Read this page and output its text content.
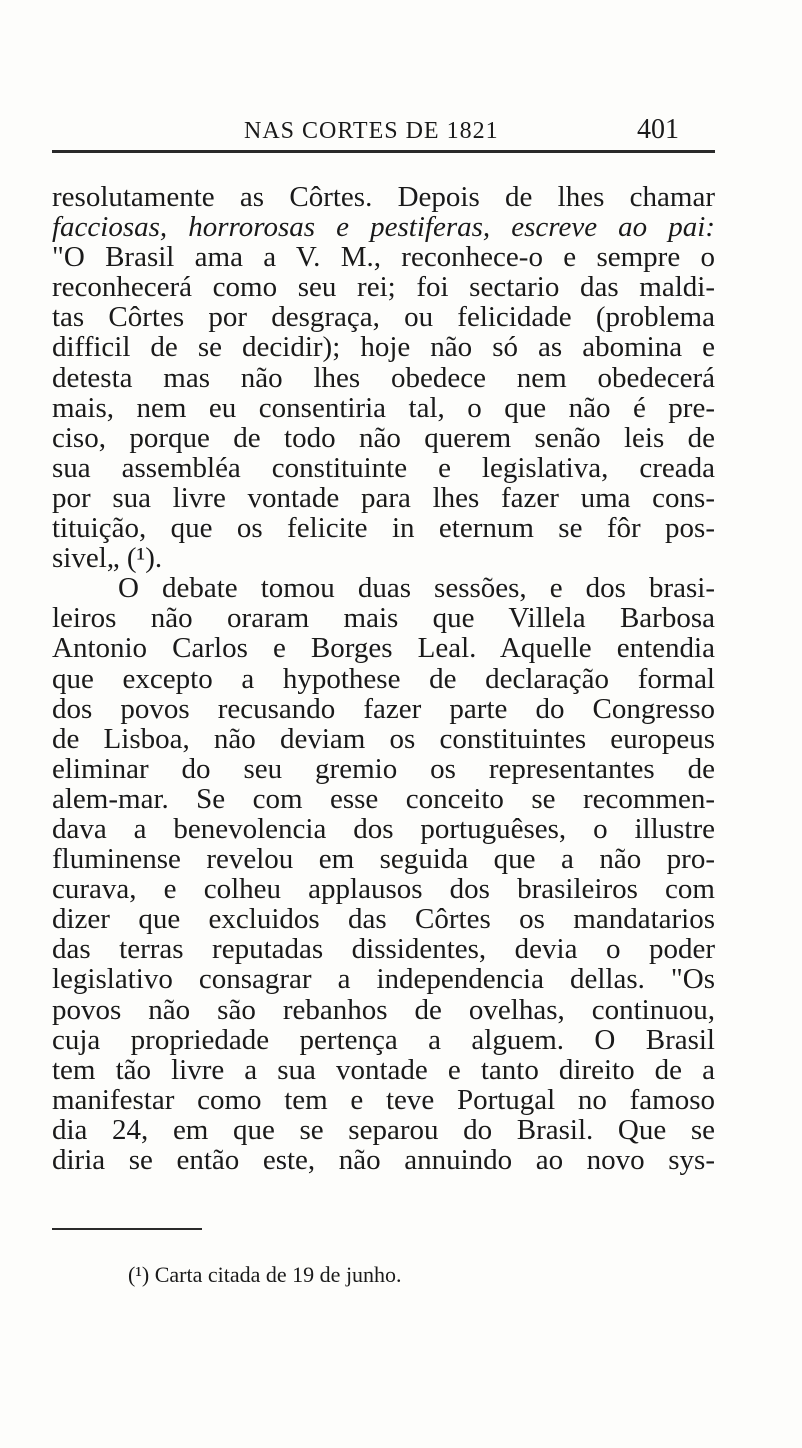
NAS CORTES DE 1821	401
resolutamente as Côrtes. Depois de lhes chamar
facciosas, horrorosas e pestiferas, escreve ao pai:
"O Brasil ama a V. M., reconhece-o e sempre o
reconhecerá como seu rei; foi sectario das maldi-
tas Côrtes por desgraça, ou felicidade (problema
difficil de se decidir); hoje não só as abomina e
detesta mas não lhes obedece nem obedecerá
mais, nem eu consentiria tal, o que não é pre-
ciso, porque de todo não querem senão leis de
sua assembléa constituinte e legislativa, creada
por sua livre vontade para lhes fazer uma cons-
tituição, que os felicite in eternum se fôr pos-
sivel„ (¹).
O debate tomou duas sessões, e dos brasi-
leiros não oraram mais que Villela Barbosa
Antonio Carlos e Borges Leal. Aquelle entendia
que excepto a hypothese de declaração formal
dos povos recusando fazer parte do Congresso
de Lisboa, não deviam os constituintes europeus
eliminar do seu gremio os representantes de
alem-mar. Se com esse conceito se recommen-
dava a benevolencia dos portuguêses, o illustre
fluminense revelou em seguida que a não pro-
curava, e colheu applausos dos brasileiros com
dizer que excluidos das Côrtes os mandatarios
das terras reputadas dissidentes, devia o poder
legislativo consagrar a independencia dellas. "Os
povos não são rebanhos de ovelhas, continuou,
cuja propriedade pertença a alguem. O Brasil
tem tão livre a sua vontade e tanto direito de a
manifestar como tem e teve Portugal no famoso
dia 24, em que se separou do Brasil. Que se
diria se então este, não annuindo ao novo sys-
(¹) Carta citada de 19 de junho.
